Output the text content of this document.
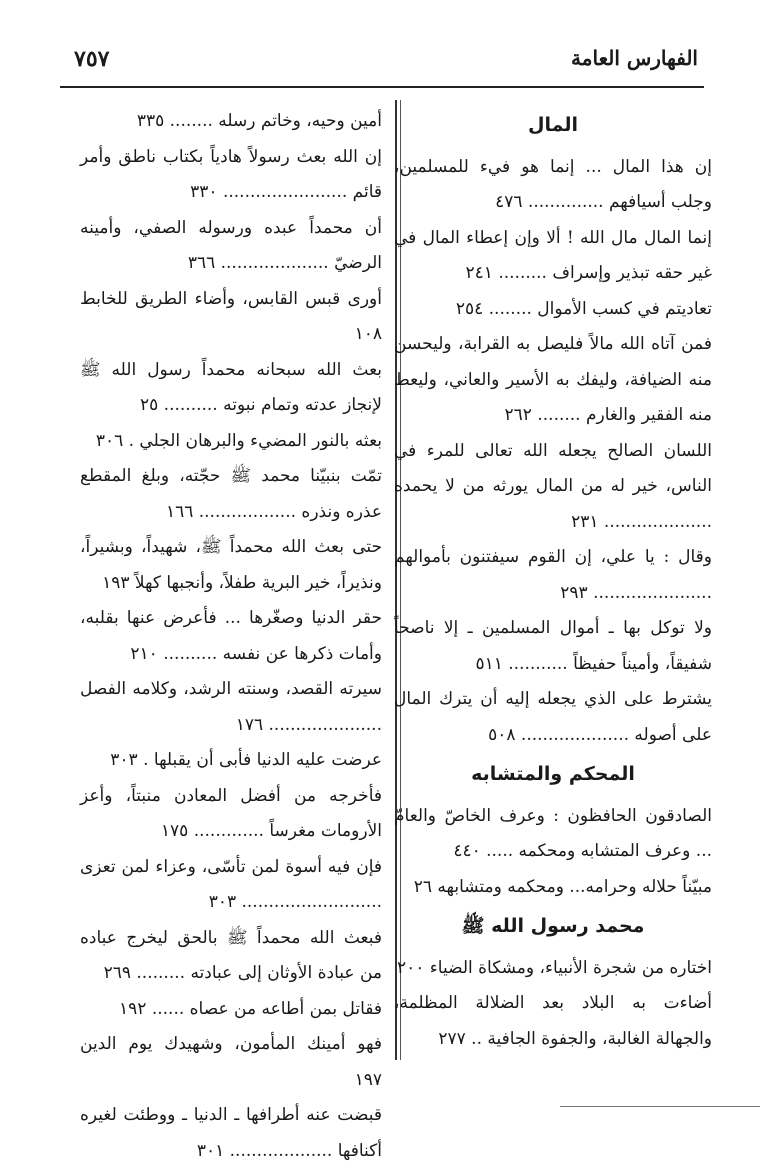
٧٥٧	الفهارس العامة
المال

إن هذا المال ... إنما هو فيء للمسلمين، وجلب أسيافهم .............. ٤٧٦

إنما المال مال الله ! ألا وإن إعطاء المال في غير حقه تبذير وإسراف ......... ٢٤١

تعاديتم في كسب الأموال ........ ٢٥٤

فمن آتاه الله مالاً فليصل به القرابة، وليحسن منه الضيافة، وليفك به الأسير والعاني، وليعط منه الفقير والغارم ........ ٢٦٢

اللسان الصالح يجعله الله تعالى للمرء في الناس، خير له من المال يورثه من لا يحمده .................... ٢٣١

وقال : يا علي، إن القوم سيفتنون بأموالهم ...................... ٢٩٣

ولا توكل بها ـ أموال المسلمين ـ إلا ناصحاً شفيقاً، وأميناً حفيظاً ........... ٥١١

يشترط على الذي يجعله إليه أن يترك المال على أصوله .................... ٥٠٨

المحكم والمتشابه

الصادقون الحافظون : وعرف الخاصّ والعامّ ... وعرف المتشابه ومحكمه ..... ٤٤٠

مبيّناً حلاله وحرامه... ومحكمه ومتشابهه ٢٦

محمد رسول الله ﷺ

اختاره من شجرة الأنبياء، ومشكاة الضياء ٢٠٠

أضاءت به البلاد بعد الضلالة المظلمة، والجهالة الغالبة، والجفوة الجافية .. ٢٧٧

أمين وحيه، وخاتم رسله ........ ٣٣٥

إن الله بعث رسولاً هادياً بكتاب ناطق وأمر قائم ....................... ٣٣٠

أن محمداً عبده ورسوله الصفي، وأمينه الرضيّ .................... ٣٦٦

أورى قبس القابس، وأضاء الطريق للخابط ١٠٨

بعث الله سبحانه محمداً رسول الله ﷺ لإنجاز عدته وتمام نبوته .......... ٢٥

بعثه بالنور المضيء والبرهان الجلي . ٣٠٦

تمّت بنبيّنا محمد ﷺ حجّته، وبلغ المقطع عذره ونذره .................. ١٦٦

حتى بعث الله محمداً ﷺ، شهيداً، وبشيراً، ونذيراً، خير البرية طفلاً، وأنجبها كهلاً ١٩٣

حقر الدنيا وصغّرها ... فأعرض عنها بقلبه، وأمات ذكرها عن نفسه .......... ٢١٠

سيرته القصد، وسنته الرشد، وكلامه الفصل ..................... ١٧٦

عرضت عليه الدنيا فأبى أن يقبلها . ٣٠٣

فأخرجه من أفضل المعادن منبتاً، وأعز الأرومات مغرساً ............. ١٧٥

فإن فيه أسوة لمن تأسّى، وعزاء لمن تعزى .......................... ٣٠٣

فبعث الله محمداً ﷺ بالحق ليخرج عباده من عبادة الأوثان إلى عبادته ......... ٢٦٩

فقاتل بمن أطاعه من عصاه ...... ١٩٢

فهو أمينك المأمون، وشهيدك يوم الدين ١٩٧

قبضت عنه أطرافها ـ الدنيا ـ ووطئت لغيره أكنافها ................... ٣٠١
